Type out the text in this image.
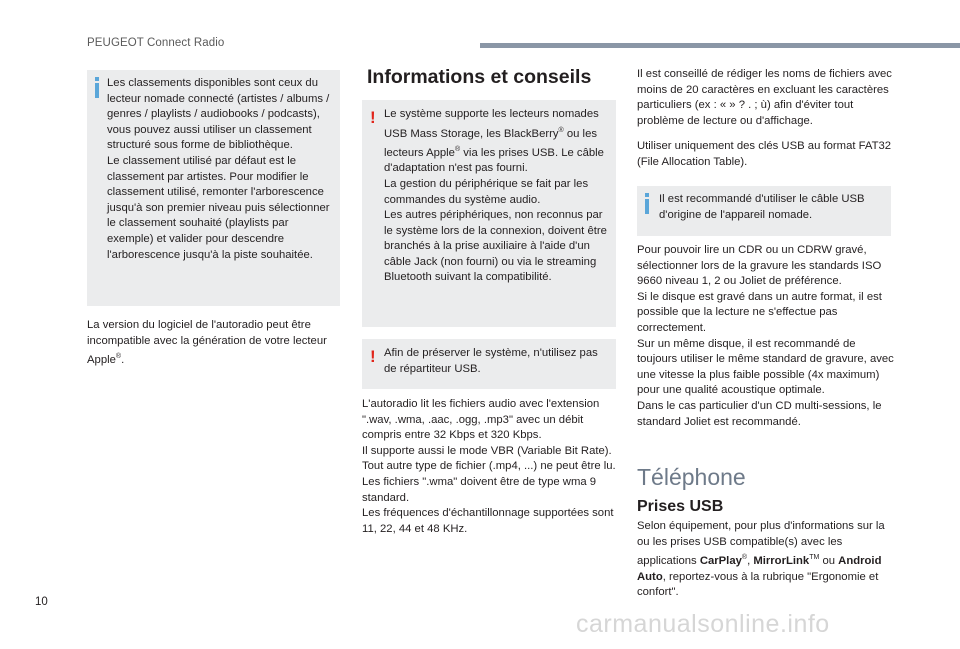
PEUGEOT Connect Radio

Les classements disponibles sont ceux du lecteur nomade connecté (artistes / albums / genres / playlists / audiobooks / podcasts), vous pouvez aussi utiliser un classement structuré sous forme de bibliothèque.
Le classement utilisé par défaut est le classement par artistes. Pour modifier le classement utilisé, remonter l'arborescence jusqu'à son premier niveau puis sélectionner le classement souhaité (playlists par exemple) et valider pour descendre l'arborescence jusqu'à la piste souhaitée.

La version du logiciel de l'autoradio peut être incompatible avec la génération de votre lecteur Apple®.

Informations et conseils
! Le système supporte les lecteurs nomades USB Mass Storage, les BlackBerry® ou les lecteurs Apple® via les prises USB. Le câble d'adaptation n'est pas fourni.
La gestion du périphérique se fait par les commandes du système audio.
Les autres périphériques, non reconnus par le système lors de la connexion, doivent être branchés à la prise auxiliaire à l'aide d'un câble Jack (non fourni) ou via le streaming Bluetooth suivant la compatibilité.

! Afin de préserver le système, n'utilisez pas de répartiteur USB.

L'autoradio lit les fichiers audio avec l'extension ".wav, .wma, .aac, .ogg, .mp3" avec un débit compris entre 32 Kbps et 320 Kbps.
Il supporte aussi le mode VBR (Variable Bit Rate).
Tout autre type de fichier (.mp4, ...) ne peut être lu.
Les fichiers ".wma" doivent être de type wma 9 standard.
Les fréquences d'échantillonnage supportées sont 11, 22, 44 et 48 KHz.

Il est conseillé de rédiger les noms de fichiers avec moins de 20 caractères en excluant les caractères particuliers (ex : « » ? . ; ù) afin d'éviter tout problème de lecture ou d'affichage.

Utiliser uniquement des clés USB au format FAT32 (File Allocation Table).

Il est recommandé d'utiliser le câble USB d'origine de l'appareil nomade.

Pour pouvoir lire un CDR ou un CDRW gravé, sélectionner lors de la gravure les standards ISO 9660 niveau 1, 2 ou Joliet de préférence.
Si le disque est gravé dans un autre format, il est possible que la lecture ne s'effectue pas correctement.
Sur un même disque, il est recommandé de toujours utiliser le même standard de gravure, avec une vitesse la plus faible possible (4x maximum) pour une qualité acoustique optimale.
Dans le cas particulier d'un CD multi-sessions, le standard Joliet est recommandé.

Téléphone
Prises USB

Selon équipement, pour plus d'informations sur la ou les prises USB compatible(s) avec les applications CarPlay®, MirrorLink™ ou Android Auto, reportez-vous à la rubrique "Ergonomie et confort".

10
carmanualsonline.info
